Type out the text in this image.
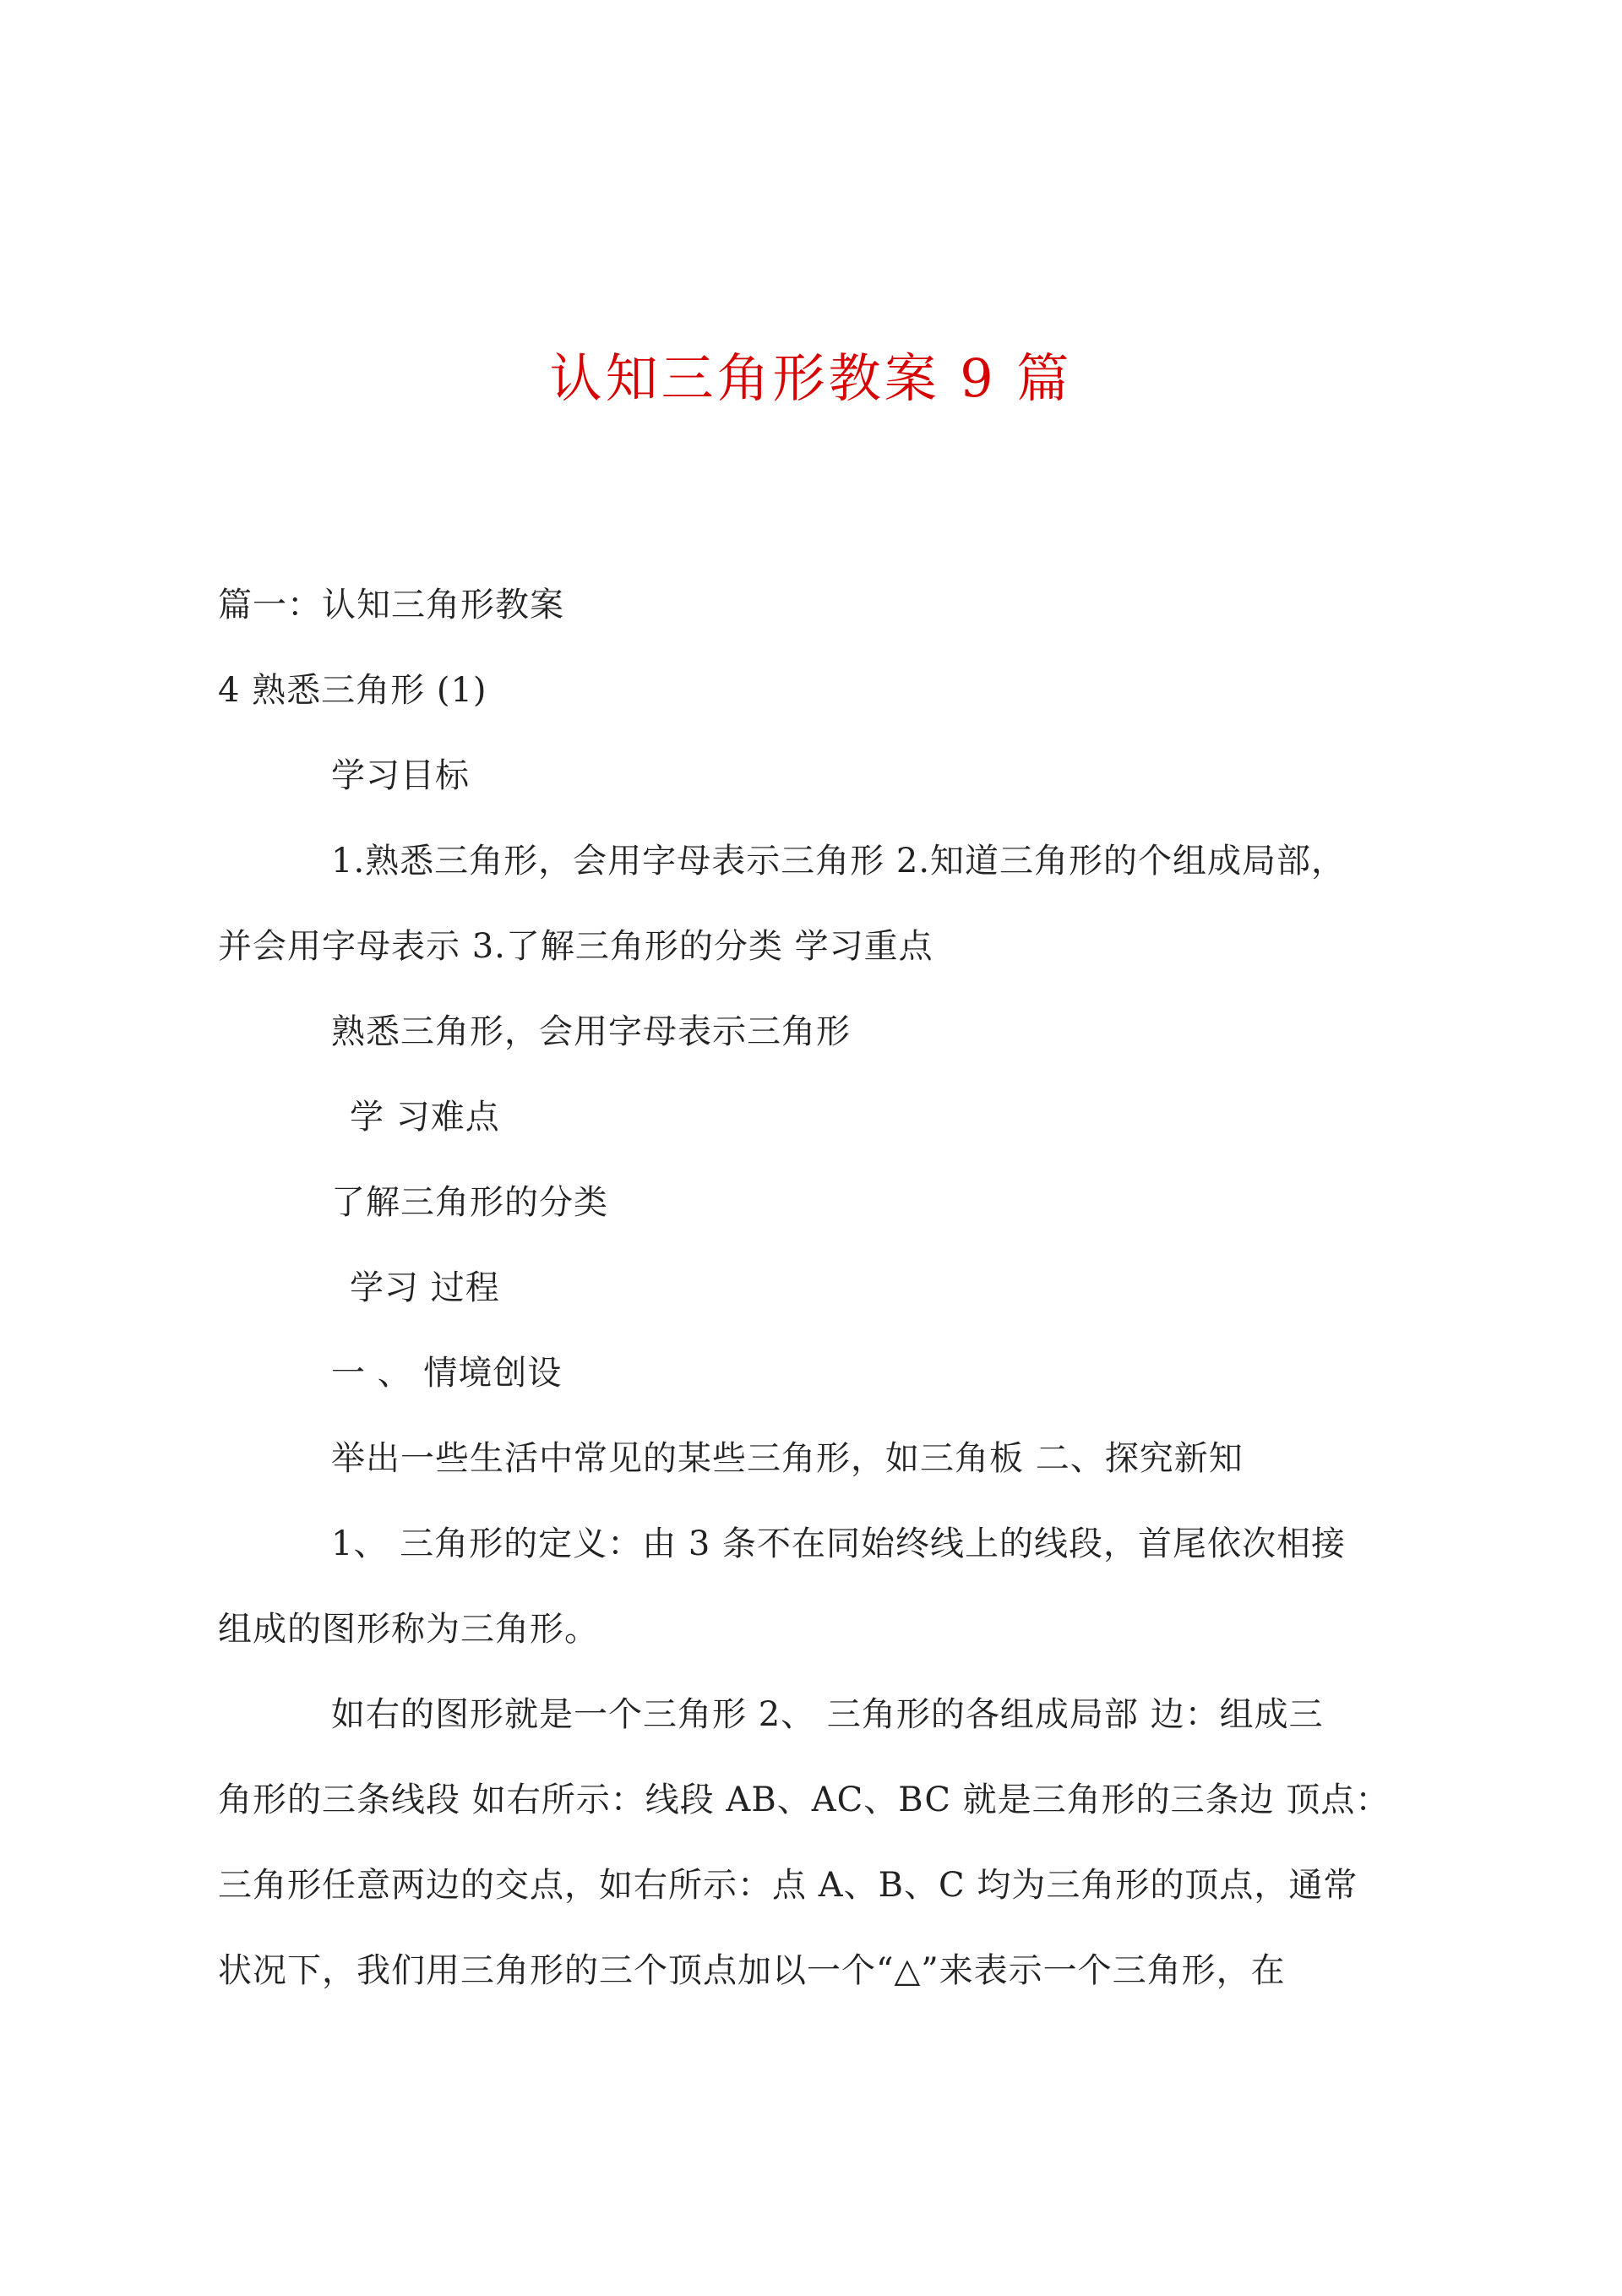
认知三角形教案 9 篇
篇一：认知三角形教案
4 熟悉三角形 (1)
学习目标
1.熟悉三角形，会用字母表示三角形 2.知道三角形的个组成局部，
并会用字母表示 3.了解三角形的分类 学习重点
熟悉三角形，会用字母表示三角形
学 习难点
了解三角形的分类
学习 过程
一 、 情境创设
举出一些生活中常见的某些三角形，如三角板 二、探究新知
1、 三角形的定义：由 3 条不在同始终线上的线段，首尾依次相接
组成的图形称为三角形。
如右的图形就是一个三角形 2、 三角形的各组成局部 边：组成三
角形的三条线段 如右所示：线段 AB、AC、BC 就是三角形的三条边 顶点：
三角形任意两边的交点，如右所示：点 A、B、C 均为三角形的顶点，通常
状况下，我们用三角形的三个顶点加以一个“△”来表示一个三角形，在
